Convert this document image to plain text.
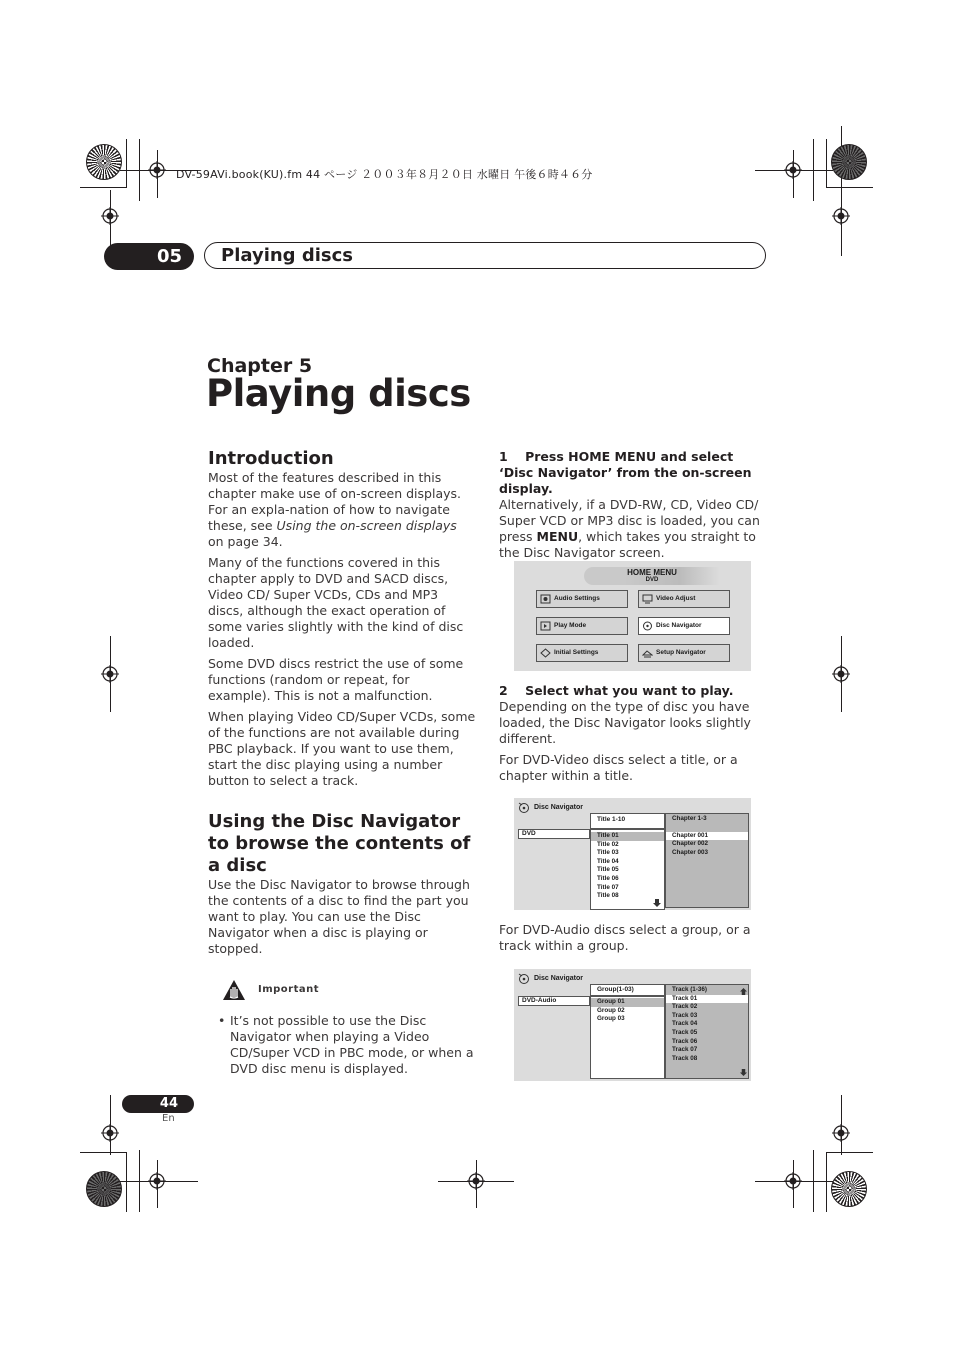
DV-59AVi.book(KU).fm 44 ページ ２００３年８月２０日 水曜日 午後６時４６分
05	Playing discs
Chapter 5
Playing discs
Introduction

Most of the features described in this chapter make use of on-screen displays. For an expla-nation of how to navigate these, see Using the on-screen displays on page 34.

Many of the functions covered in this chapter apply to DVD and SACD discs, Video CD/ Super VCDs, CDs and MP3 discs, although the exact operation of some varies slightly with the kind of disc loaded.

Some DVD discs restrict the use of some functions (random or repeat, for example). This is not a malfunction.

When playing Video CD/Super VCDs, some of the functions are not available during PBC playback. If you want to use them, start the disc playing using a number button to select a track.

Using the Disc Navigator to browse the contents of a disc

Use the Disc Navigator to browse through the contents of a disc to find the part you want to play. You can use the Disc Navigator when a disc is playing or stopped.

Important
• It’s not possible to use the Disc Navigator when playing a Video CD/Super VCD in PBC mode, or when a DVD disc menu is displayed.

1    Press HOME MENU and select ‘Disc Navigator’ from the on-screen display.

Alternatively, if a DVD-RW, CD, Video CD/ Super VCD or MP3 disc is loaded, you can press MENU, which takes you straight to the Disc Navigator screen.

2    Select what you want to play.

Depending on the type of disc you have loaded, the Disc Navigator looks slightly different.

For DVD-Video discs select a title, or a chapter within a title.

For DVD-Audio discs select a group, or a track within a group.

HOME MENU
DVD
Audio Settings	Video Adjust
Play Mode	Disc Navigator
Initial Settings	Setup Navigator
Disc Navigator
DVD
Title 1-10
Title 01
Title 02
Title 03
Title 04
Title 05
Title 06
Title 07
Title 08
Chapter 1-3
Chapter 001
Chapter 002
Chapter 003
Disc Navigator
DVD-Audio
Group(1-03)
Group 01
Group 02
Group 03
Track (1-36)
Track 01
Track 02
Track 03
Track 04
Track 05
Track 06
Track 07
Track 08
44
En
